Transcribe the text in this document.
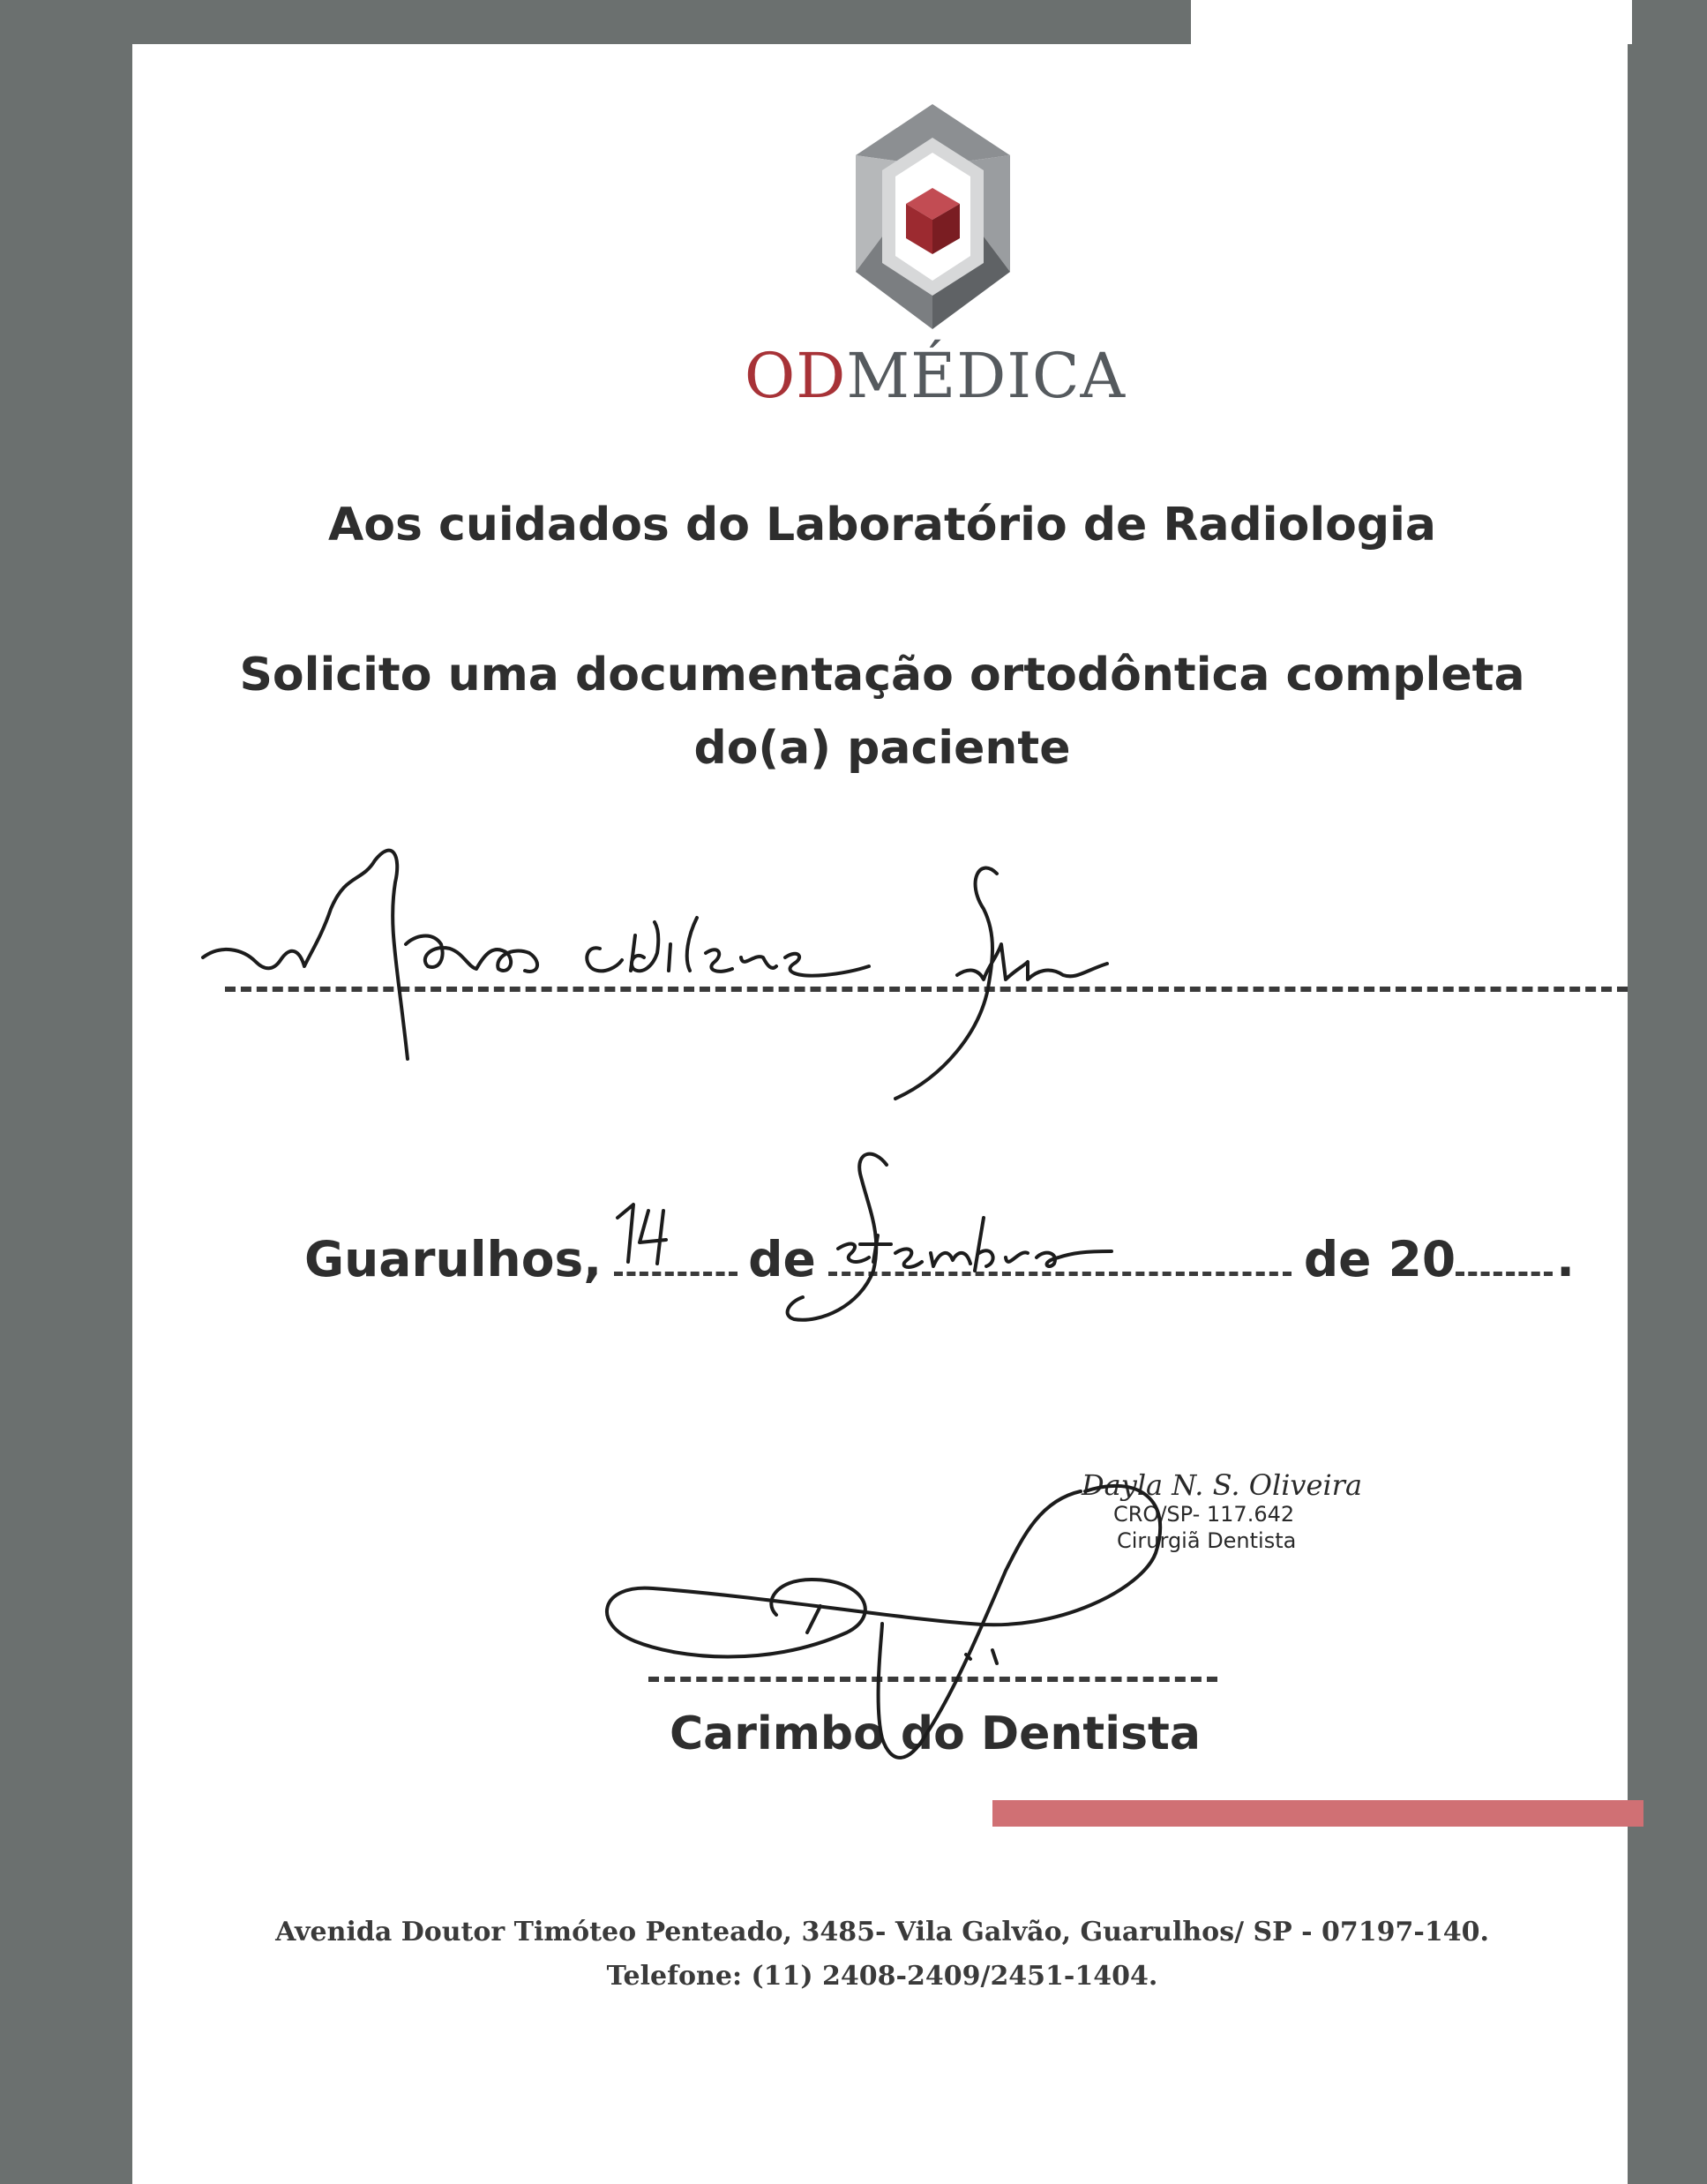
ODMÉDICA
Aos cuidados do Laboratório de Radiologia
Solicito uma documentação ortodôntica completa
do(a) paciente
Guarulhos,	de	de 20 .
Dayla N. S. Oliveira
CRO/SP- 117.642
Cirurgiã Dentista
Carimbo do Dentista
Avenida Doutor Timóteo Penteado, 3485- Vila Galvão, Guarulhos/ SP - 07197-140.
Telefone: (11) 2408-2409/2451-1404.
